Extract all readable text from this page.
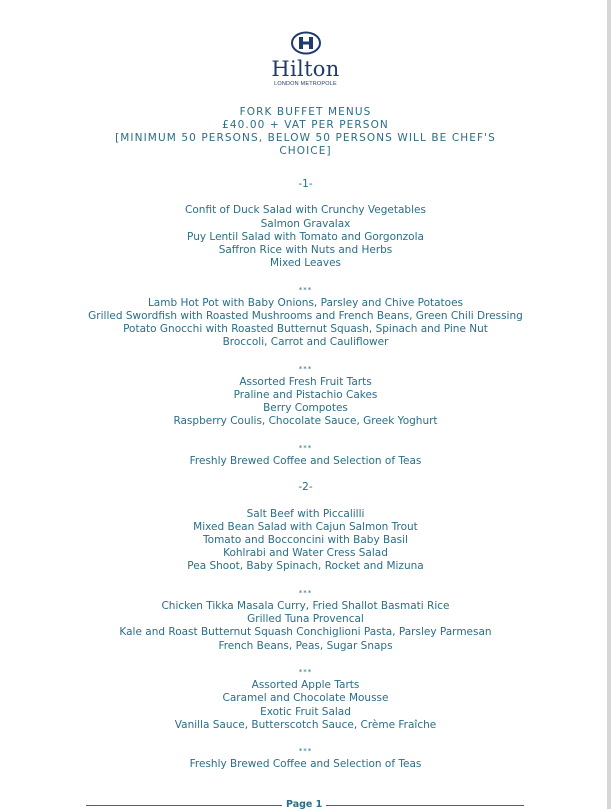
Hilton
LONDON METROPOLE
FORK BUFFET MENUS
£40.00 + VAT PER PERSON
[MINIMUM 50 PERSONS, BELOW 50 PERSONS WILL BE CHEF'S CHOICE]
-1-
Confit of Duck Salad with Crunchy Vegetables
Salmon Gravalax
Puy Lentil Salad with Tomato and Gorgonzola
Saffron Rice with Nuts and Herbs
Mixed Leaves
***
Lamb Hot Pot with Baby Onions, Parsley and Chive Potatoes
Grilled Swordfish with Roasted Mushrooms and French Beans, Green Chili Dressing
Potato Gnocchi with Roasted Butternut Squash, Spinach and Pine Nut
Broccoli, Carrot and Cauliflower
***
Assorted Fresh Fruit Tarts
Praline and Pistachio Cakes
Berry Compotes
Raspberry Coulis, Chocolate Sauce, Greek Yoghurt
***
Freshly Brewed Coffee and Selection of Teas
-2-
Salt Beef with Piccalilli
Mixed Bean Salad with Cajun Salmon Trout
Tomato and Bocconcini with Baby Basil
Kohlrabi and Water Cress Salad
Pea Shoot, Baby Spinach, Rocket and Mizuna
***
Chicken Tikka Masala Curry, Fried Shallot Basmati Rice
Grilled Tuna Provencal
Kale and Roast Butternut Squash Conchiglioni Pasta, Parsley Parmesan
French Beans, Peas, Sugar Snaps
***
Assorted Apple Tarts
Caramel and Chocolate Mousse
Exotic Fruit Salad
Vanilla Sauce, Butterscotch Sauce, Crème Fraîche
***
Freshly Brewed Coffee and Selection of Teas
Page 1
